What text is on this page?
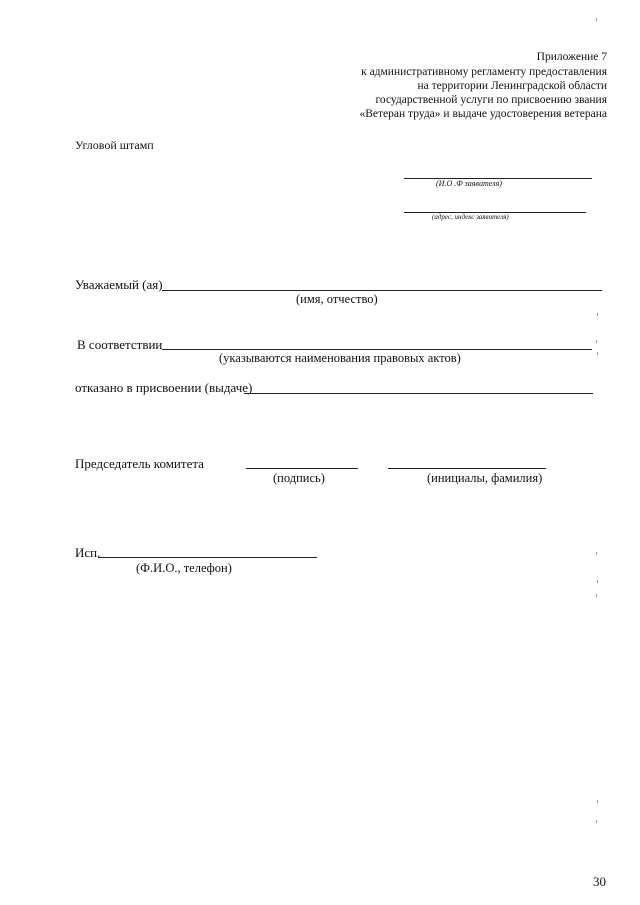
Приложение 7
к административному регламенту предоставления
на территории Ленинградской области
государственной услуги по присвоению звания
«Ветеран труда» и выдаче удостоверения ветерана
Угловой штамп
(И.О .Ф заявителя)
(адрес, индекс заявителя)
Уважаемый (ая)
(имя, отчество)
В соответствии
(указываются наименования правовых актов)
отказано в присвоении (выдаче)
Председатель комитета
(подпись)	(инициалы, фамилия)
Исп.
(Ф.И.О., телефон)
30
